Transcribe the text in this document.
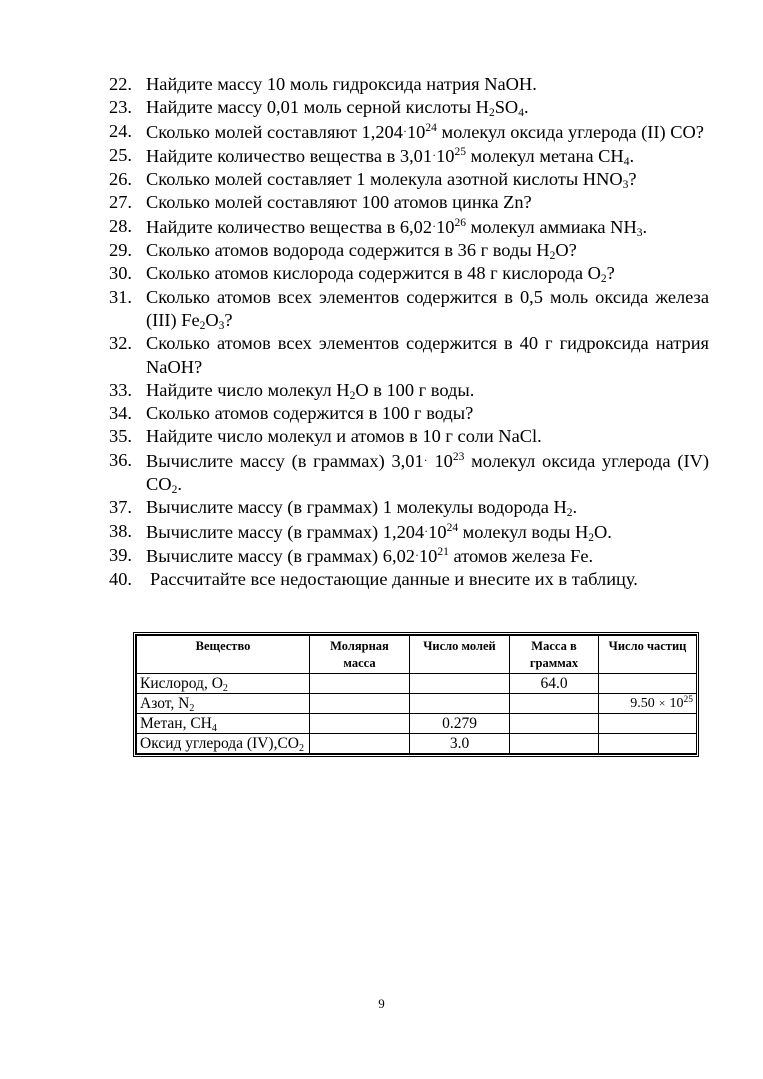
22. Найдите массу 10 моль гидроксида натрия NaOH.
23. Найдите массу 0,01 моль серной кислоты $H_2SO_4$.
24. Сколько молей составляют $1,204\cdot 10^{24}$ молекул оксида углерода (II) CO?
25. Найдите количество вещества в $3,01\cdot 10^{25}$ молекул метана $CH_4$.
26. Сколько молей составляет 1 молекула азотной кислоты $HNO_3$?
27. Сколько молей составляют 100 атомов цинка Zn?
28. Найдите количество вещества в $6,02\cdot 10^{26}$ молекул аммиака $NH_3$.
29. Сколько атомов водорода содержится в 36 г воды $H_2O$?
30. Сколько атомов кислорода содержится в 48 г кислорода $O_2$?
31. Сколько атомов всех элементов содержится в 0,5 моль оксида железа (III) $Fe_2O_3$?
32. Сколько атомов всех элементов содержится в 40 г гидроксида натрия NaOH?
33. Найдите число молекул $H_2O$ в 100 г воды.
34. Сколько атомов содержится в 100 г воды?
35. Найдите число молекул и атомов в 10 г соли NaCl.
36. Вычислите массу (в граммах) $3,01\cdot 10^{23}$ молекул оксида углерода (IV) $CO_2$.
37. Вычислите массу (в граммах) 1 молекулы водорода $H_2$.
38. Вычислите массу (в граммах) $1,204\cdot 10^{24}$ молекул воды $H_2O$.
39. Вычислите массу (в граммах) $6,02\cdot 10^{21}$ атомов железа Fe.
40. Рассчитайте все недостающие данные и внесите их в таблицу.
Вещество	Молярная масса	Число молей	Масса в граммах	Число частиц
Кислород, $O_2$			64.0	
Азот, $N_2$				$9.50 \times 10^{25}$
Метан, $CH_4$		0.279		
Оксид углерода $(IV),CO_2$		3.0		
9
